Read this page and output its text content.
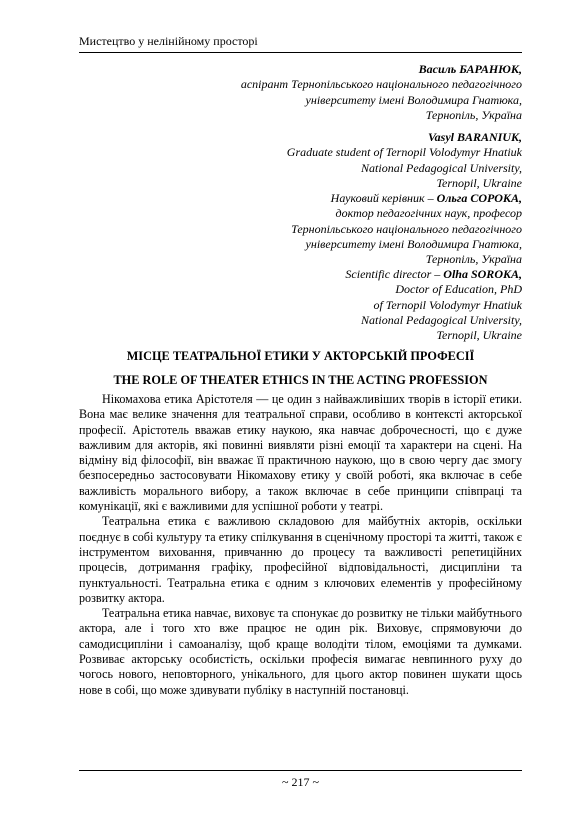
Мистецтво у нелінійному просторі
Василь БАРАНЮК,
аспірант Тернопільського національного педагогічного
університету імені Володимира Гнатюка,
Тернопіль, Україна
Vasyl BARANIUK,
Graduate student of Ternopil Volodymyr Hnatiuk
National Pedagogical University,
Ternopil, Ukraine
Науковий керівник – Ольга СОРОКА,
доктор педагогічних наук, професор
Тернопільського національного педагогічного
університету імені Володимира Гнатюка,
Тернопіль, Україна
Scientific director – Olha SOROKA,
Doctor of Education, PhD
of Ternopil Volodymyr Hnatiuk
National Pedagogical University,
Ternopil, Ukraine
МІСЦЕ ТЕАТРАЛЬНОЇ ЕТИКИ У АКТОРСЬКІЙ ПРОФЕСІЇ
THE ROLE OF THEATER ETHICS IN THE ACTING PROFESSION

Нікомахова етика Арістотеля — це один з найважливіших творів в історії етики. Вона має велике значення для театральної справи, особливо в контексті акторської професії. Арістотель вважав етику наукою, яка навчає доброчесності, що є дуже важливим для акторів, які повинні виявляти різні емоції та характери на сцені. На відміну від філософії, він вважає її практичною наукою, що в свою чергу дає змогу безпосередньо застосовувати Нікомахову етику у своїй роботі, яка включає в себе важливість морального вибору, а також включає в себе принципи співпраці та комунікації, які є важливими для успішної роботи у театрі.

Театральна етика є важливою складовою для майбутніх акторів, оскільки поєднує в собі культуру та етику спілкування в сценічному просторі та житті, також є інструментом виховання, привчанню до процесу та важливості репетиційних процесів, дотримання графіку, професійної відповідальності, дисципліни та пунктуальності. Театральна етика є одним з ключових елементів у професійному розвитку актора.

Театральна етика навчає, виховує та спонукає до розвитку не тільки майбутнього актора, але і того хто вже працює не один рік. Виховує, спрямовуючи до самодисципліни і самоаналізу, щоб краще володіти тілом, емоціями та думками. Розвиває акторську особистість, оскільки професія вимагає невпинного руху до чогось нового, неповторного, унікального, для цього актор повинен шукати щось нове в собі, що може здивувати публіку в наступній постановці.

~ 217 ~
